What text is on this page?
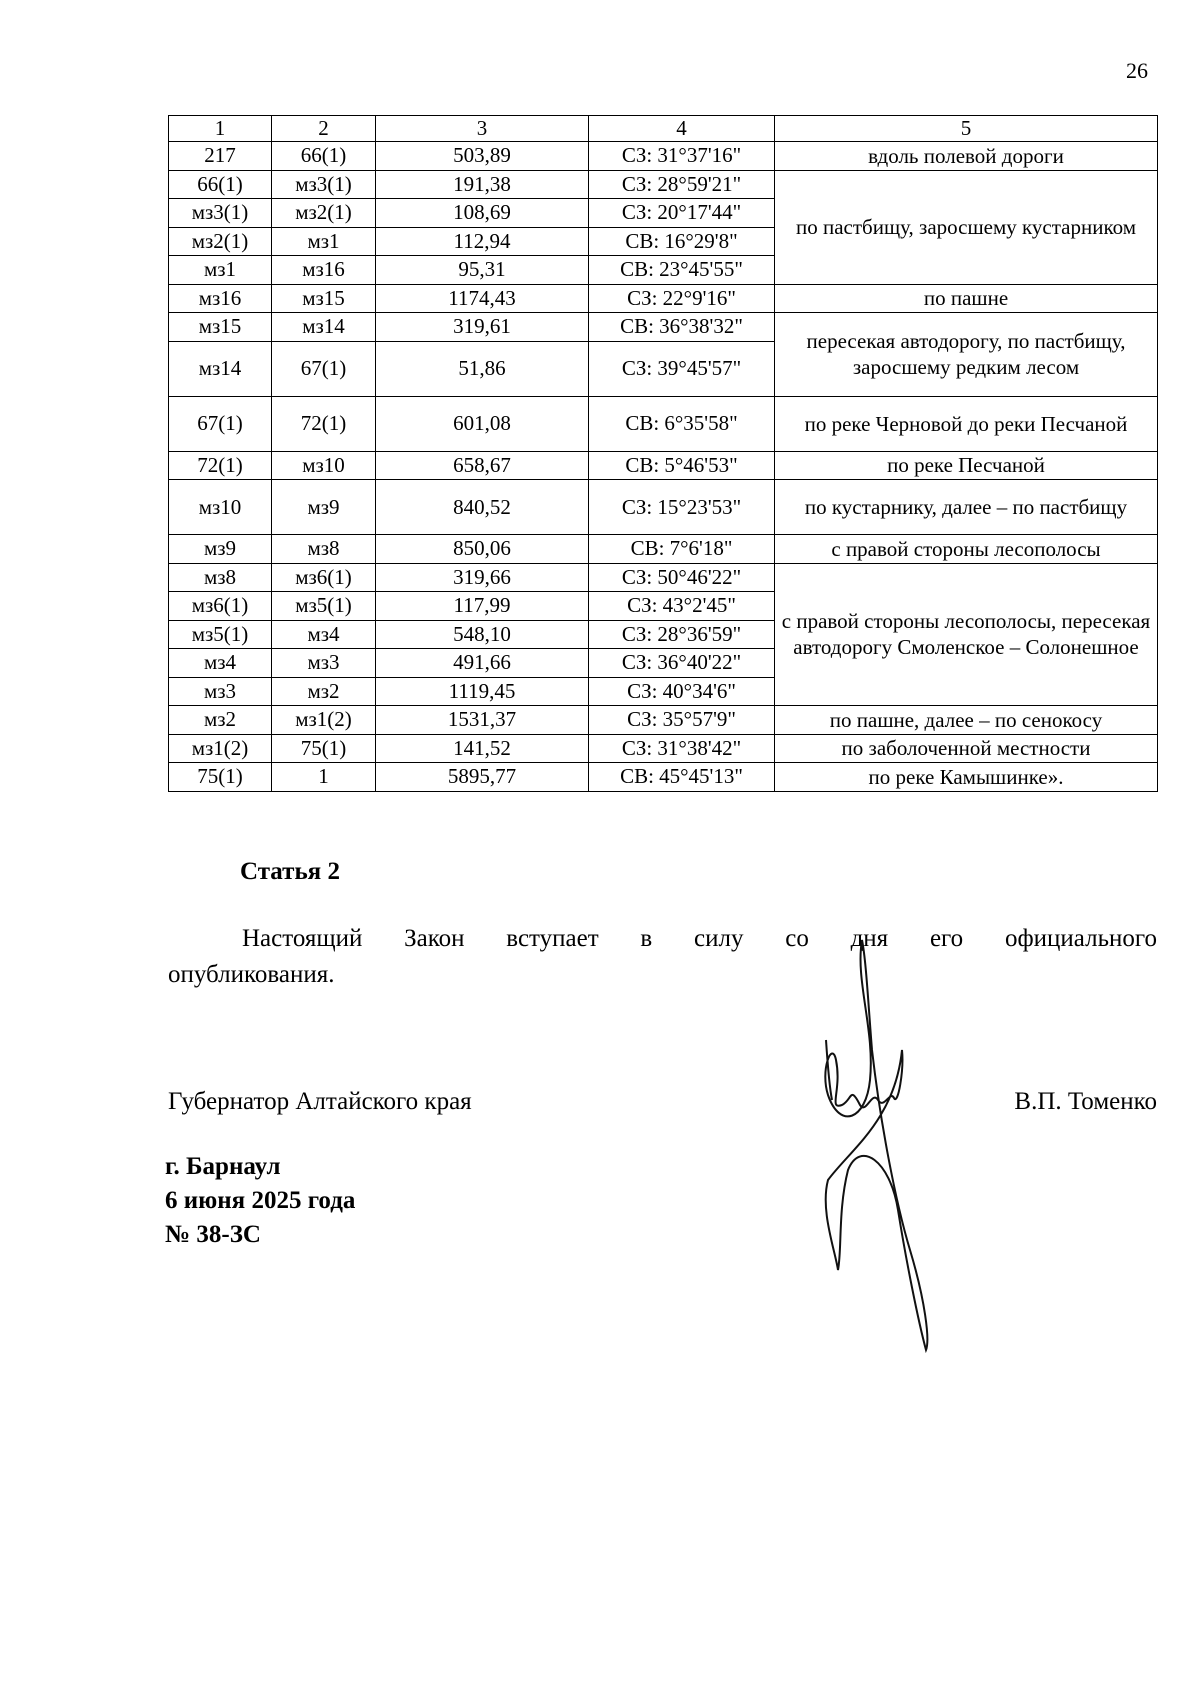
26
1	2	3	4	5
217	66(1)	503,89	СЗ: 31°37'16"	вдоль полевой дороги
66(1)	мз3(1)	191,38	СЗ: 28°59'21"	по пастбищу, заросшему кустарником
мз3(1)	мз2(1)	108,69	СЗ: 20°17'44"	
мз2(1)	мз1	112,94	СВ: 16°29'8"	
мз1	мз16	95,31	СВ: 23°45'55"	
мз16	мз15	1174,43	СЗ: 22°9'16"	по пашне
мз15	мз14	319,61	СВ: 36°38'32"	пересекая автодорогу, по пастбищу, заросшему редким лесом
мз14	67(1)	51,86	СЗ: 39°45'57"	
67(1)	72(1)	601,08	СВ: 6°35'58"	по реке Черновой до реки Песчаной
72(1)	мз10	658,67	СВ: 5°46'53"	по реке Песчаной
мз10	мз9	840,52	СЗ: 15°23'53"	по кустарнику, далее – по пастбищу
мз9	мз8	850,06	СВ: 7°6'18"	с правой стороны лесополосы
мз8	мз6(1)	319,66	СЗ: 50°46'22"	с правой стороны лесополосы, пересекая автодорогу Смоленское – Солонешное
мз6(1)	мз5(1)	117,99	СЗ: 43°2'45"	
мз5(1)	мз4	548,10	СЗ: 28°36'59"	
мз4	мз3	491,66	СЗ: 36°40'22"	
мз3	мз2	1119,45	СЗ: 40°34'6"	
мз2	мз1(2)	1531,37	СЗ: 35°57'9"	по пашне, далее – по сенокосу
мз1(2)	75(1)	141,52	СЗ: 31°38'42"	по заболоченной местности
75(1)	1	5895,77	СВ: 45°45'13"	по реке Камышинке».
Статья 2
Настоящий Закон вступает в силу со дня его официального опубликования.
Губернатор Алтайского края	В.П. Томенко
г. Барнаул
6 июня 2025 года
№ 38-ЗС
